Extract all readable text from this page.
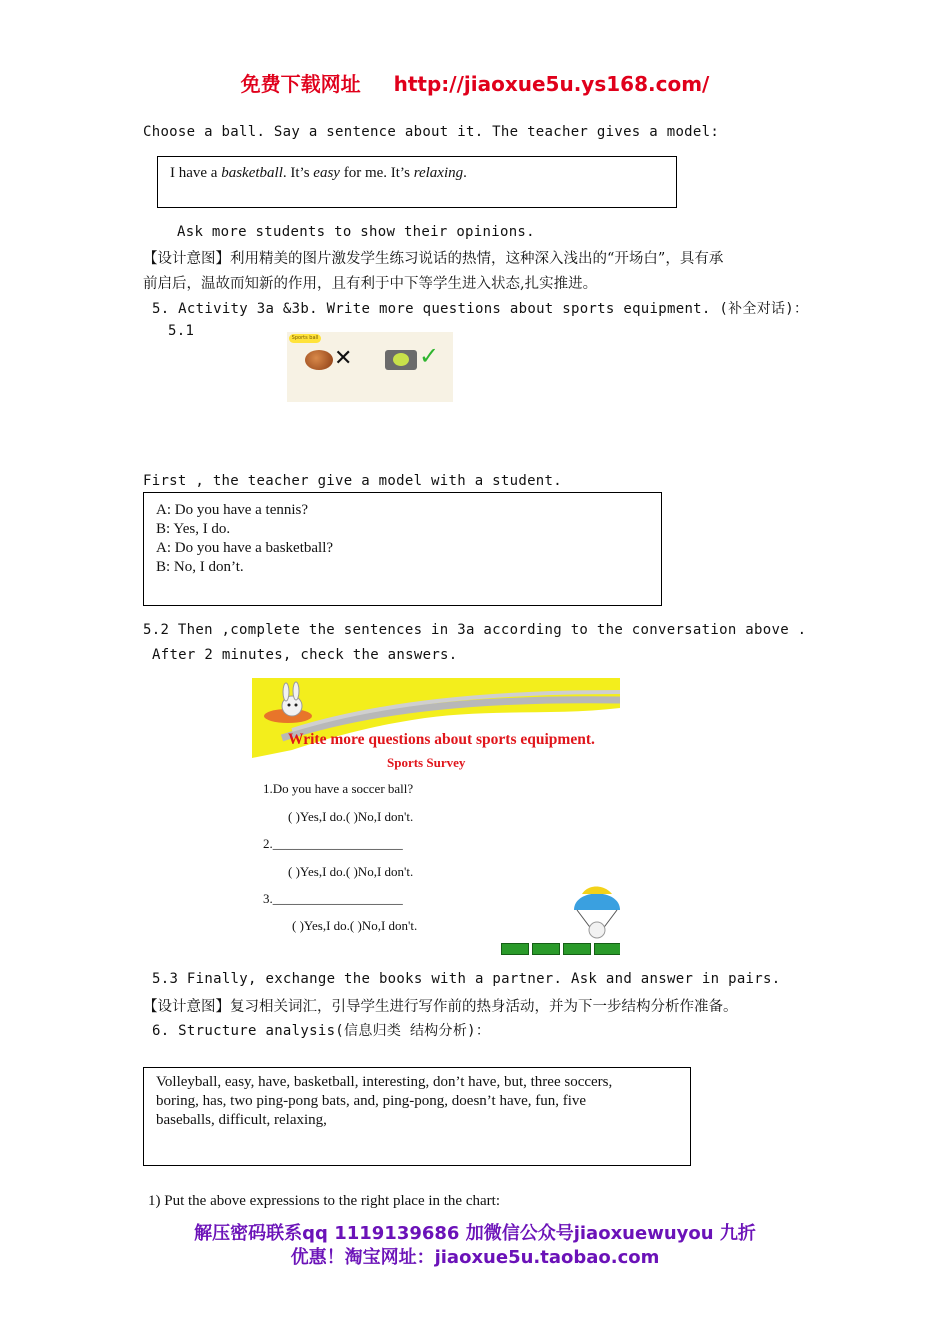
免费下载网址 http://jiaoxue5u.ys168.com/
Choose a ball. Say a sentence about it. The teacher gives a model:
I have a basketball. It’s easy for me. It’s relaxing.
Ask more students to show their opinions.
【设计意图】利用精美的图片激发学生练习说话的热情，这种深入浅出的“开场白”，具有承
前启后，温故而知新的作用，且有利于中下等学生进入状态,扎实推进。
5. Activity 3a &3b. Write more questions about sports equipment. (补全对话)：
5.1	Sports ball
✕	✓
First , the teacher give a model with a student.
A: Do you have a tennis?
B: Yes, I do.
A: Do you have a basketball?
B: No, I don’t.
5.2 Then ,complete the sentences in 3a according to the conversation above .
After 2 minutes, check the answers.
Write more questions about sports equipment.
Sports Survey
1.Do you have a soccer ball?
( )Yes,I do.( )No,I don't.
2.____________________
( )Yes,I do.( )No,I don't.
3.____________________
( )Yes,I do.( )No,I don't.
5.3 Finally, exchange the books with a partner. Ask and answer in pairs.
【设计意图】复习相关词汇，引导学生进行写作前的热身活动，并为下一步结构分析作准备。
6. Structure analysis(信息归类 结构分析)：
Volleyball, easy, have, basketball, interesting, don’t have, but, three soccers,
boring, has, two ping-pong bats, and, ping-pong, doesn’t have, fun, five
baseballs, difficult, relaxing,
1) Put the above expressions to the right place in the chart:
解压密码联系qq 1119139686 加微信公众号jiaoxuewuyou 九折
优惠！淘宝网址：jiaoxue5u.taobao.com
